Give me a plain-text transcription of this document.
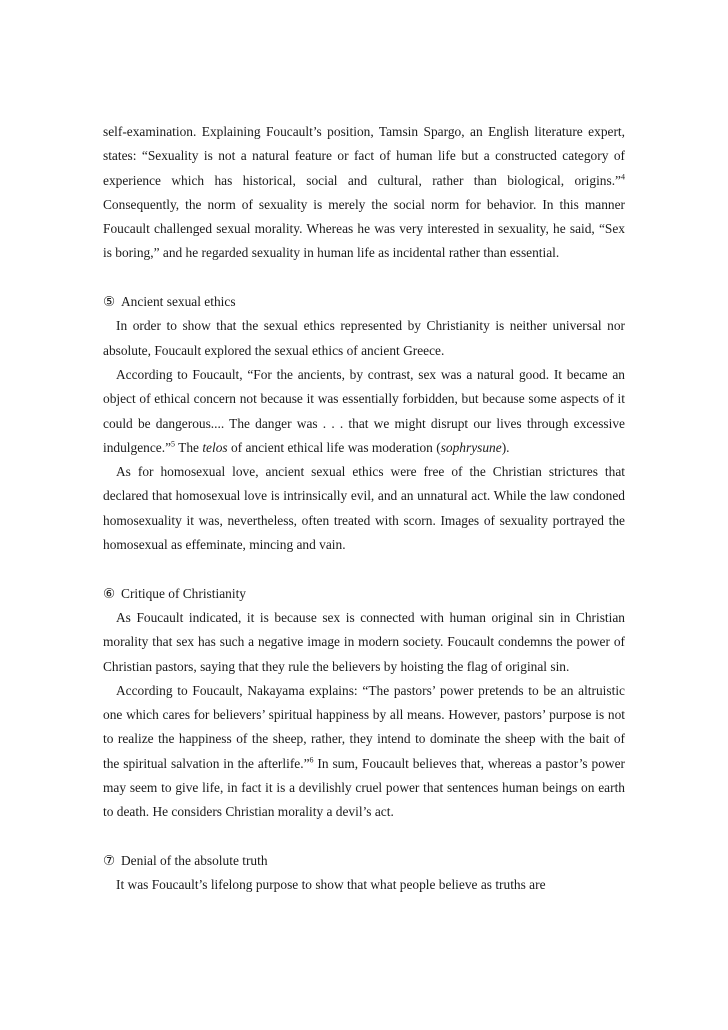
self-examination. Explaining Foucault’s position, Tamsin Spargo, an English literature expert, states: “Sexuality is not a natural feature or fact of human life but a constructed category of experience which has historical, social and cultural, rather than biological, origins.”$^4$ Consequently, the norm of sexuality is merely the social norm for behavior. In this manner Foucault challenged sexual morality. Whereas he was very interested in sexuality, he said, “Sex is boring,” and he regarded sexuality in human life as incidental rather than essential.

⑤ Ancient sexual ethics

In order to show that the sexual ethics represented by Christianity is neither universal nor absolute, Foucault explored the sexual ethics of ancient Greece.

According to Foucault, “For the ancients, by contrast, sex was a natural good. It became an object of ethical concern not because it was essentially forbidden, but because some aspects of it could be dangerous.... The danger was . . . that we might disrupt our lives through excessive indulgence.”$^5$ The telos of ancient ethical life was moderation (sophrysune).

As for homosexual love, ancient sexual ethics were free of the Christian strictures that declared that homosexual love is intrinsically evil, and an unnatural act. While the law condoned homosexuality it was, nevertheless, often treated with scorn. Images of sexuality portrayed the homosexual as effeminate, mincing and vain.

⑥ Critique of Christianity

As Foucault indicated, it is because sex is connected with human original sin in Christian morality that sex has such a negative image in modern society. Foucault condemns the power of Christian pastors, saying that they rule the believers by hoisting the flag of original sin.

According to Foucault, Nakayama explains: “The pastors’ power pretends to be an altruistic one which cares for believers’ spiritual happiness by all means. However, pastors’ purpose is not to realize the happiness of the sheep, rather, they intend to dominate the sheep with the bait of the spiritual salvation in the afterlife.”$^6$ In sum, Foucault believes that, whereas a pastor’s power may seem to give life, in fact it is a devilishly cruel power that sentences human beings on earth to death. He considers Christian morality a devil’s act.

⑦ Denial of the absolute truth

It was Foucault’s lifelong purpose to show that what people believe as truths are
